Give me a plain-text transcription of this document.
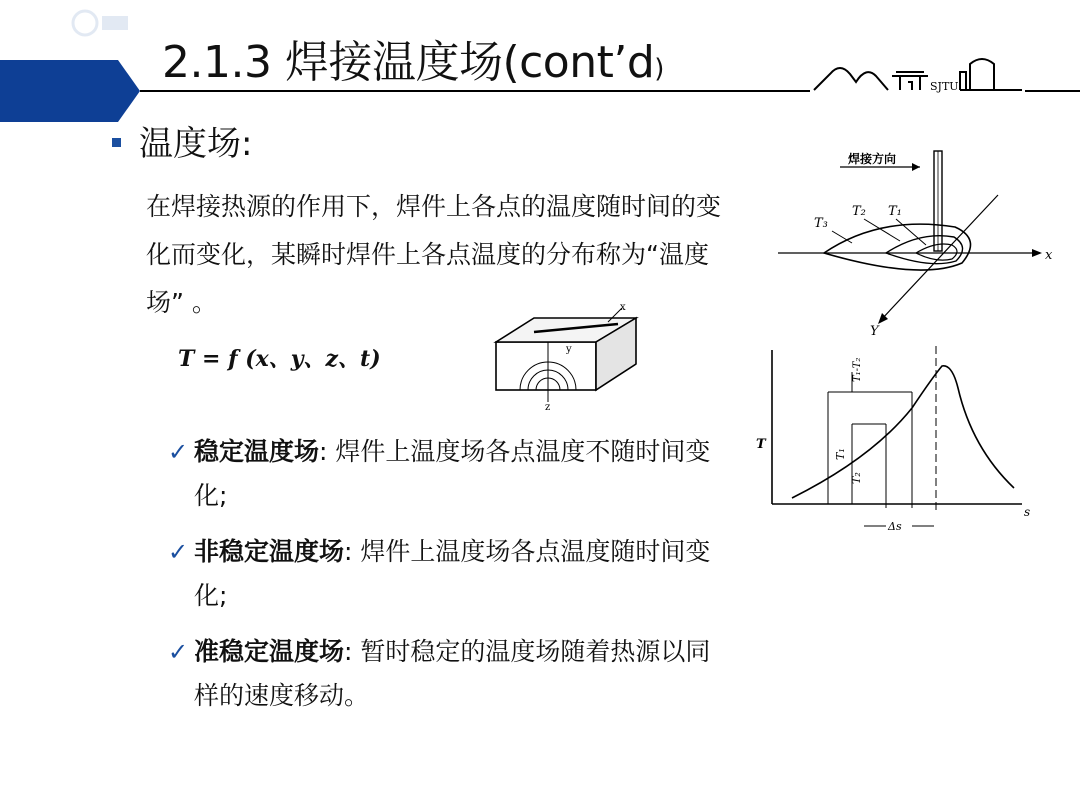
2.1.3 焊接温度场(cont’d)
SJTU
温度场:

在焊接热源的作用下，焊件上各点的温度随时间的变化而变化，某瞬时焊件上各点温度的分布称为“温度场” 。

T = f (x、y、z、t)
x
y
z
✓ 稳定温度场: 焊件上温度场各点温度不随时间变化;
✓ 非稳定温度场: 焊件上温度场各点温度随时间变化;
✓ 准稳定温度场: 暂时稳定的温度场随着热源以同样的速度移动。
焊接方向
x
Y
T₃
T₂ T₁
T
s
T₁
T₂
T₁-T₂
Δs
